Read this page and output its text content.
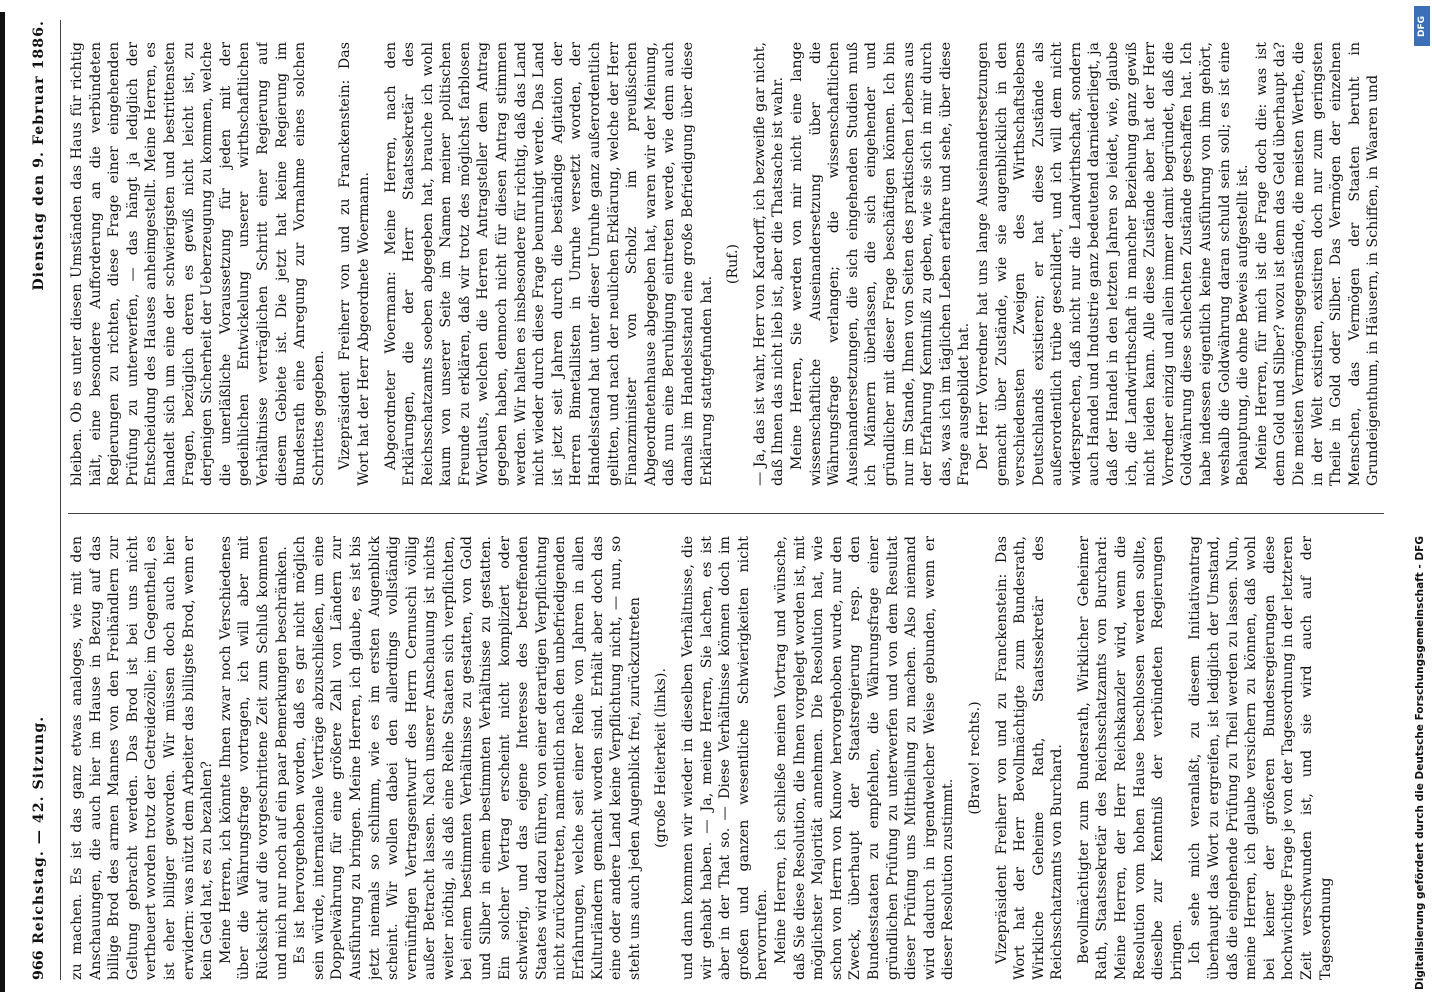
966
Reichstag. — 42. Sitzung.
Dienstag den 9. Februar 1886.

zu machen. Es ist das ganz etwas analoges, wie mit den Anschauungen, die auch hier im Hause in Bezug auf das billige Brod des armen Mannes von den Freihändlern zur Geltung gebracht werden. Das Brod ist bei uns nicht vertheuert worden trotz der Getreidezölle; im Gegentheil, es ist eher billiger geworden. Wir müssen doch auch hier erwidern: was nützt dem Arbeiter das billigste Brod, wenn er kein Geld hat, es zu bezahlen? Meine Herren, ich könnte Ihnen zwar noch Verschiedenes über die Währungsfrage vortragen, ich will aber mit Rücksicht auf die vorgeschrittene Zeit zum Schluß kommen und mich nur noch auf ein paar Bemerkungen beschränken. Es ist hervorgehoben worden, daß es gar nicht möglich sein würde, internationale Verträge abzuschließen, um eine Doppelwährung für eine größere Zahl von Ländern zur Ausführung zu bringen. Meine Herren, ich glaube, es ist bis jetzt niemals so schlimm, wie es im ersten Augenblick scheint. Wir wollen dabei den allerdings vollständig vernünftigen Vertragsentwurf des Herrn Cernuschi völlig außer Betracht lassen. Nach unserer Anschauung ist nichts weiter nöthig, als daß eine Reihe Staaten sich verpflichten, bei einem bestimmten Verhältnisse zu gestatten, von Gold und Silber in einem bestimmten Verhältnisse zu gestatten. Ein solcher Vertrag erscheint nicht kompliziert oder schwierig, und das eigene Interesse des betreffenden Staates wird dazu führen, von einer derartigen Verpflichtung nicht zurückzutreten, namentlich nach den unbefriedigenden Erfahrungen, welche seit einer Reihe von Jahren in allen Kulturländern gemacht worden sind. Erhält aber doch das eine oder andere Land keine Verpflichtung nicht, — nun, so steht uns auch jeden Augenblick frei, zurückzutreten (große Heiterkeit (links). und dann kommen wir wieder in dieselben Verhältnisse, die wir gehabt haben. — Ja, meine Herren, Sie lachen, es ist aber in der That so. — Diese Verhältnisse können doch im großen und ganzen wesentliche Schwierigkeiten nicht hervorrufen. Meine Herren, ich schließe meinen Vortrag und wünsche, daß Sie diese Resolution, die Ihnen vorgelegt worden ist, mit möglichster Majorität annehmen. Die Resolution hat, wie schon von Herrn von Kunow hervorgehoben wurde, nur den Zweck, überhaupt der Staatsregierung resp. den Bundesstaaten zu empfehlen, die Währungsfrage einer gründlichen Prüfung zu unterwerfen und von dem Resultat dieser Prüfung uns Mittheilung zu machen. Also niemand wird dadurch in irgendwelcher Weise gebunden, wenn er dieser Resolution zustimmt.

(Bravo! rechts.) Vizepräsident Freiherr von und zu Franckenstein: Das Wort hat der Herr Bevollmächtigte zum Bundesrath, Wirkliche Geheime Rath, Staatssekretär des Reichsschatzamts von Burchard. Bevollmächtigter zum Bundesrath, Wirklicher Geheimer Rath, Staatssekretär des Reichsschatzamts von Burchard: Meine Herren, der Herr Reichskanzler wird, wenn die Resolution vom hohen Hause beschlossen werden sollte, dieselbe zur Kenntniß der verbündeten Regierungen bringen. Ich sehe mich veranlaßt, zu diesem Initiativantrag überhaupt das Wort zu ergreifen, ist lediglich der Umstand, daß die eingehende Prüfung zu Theil werden zu lassen. Nun, meine Herren, ich glaube versichern zu können, daß wohl bei keiner der größeren Bundesregierungen diese hochwichtige Frage je von der Tagesordnung in der letzteren Zeit verschwunden ist, und sie wird auch auf der Tagesordnung

bleiben. Ob es unter diesen Umständen das Haus für richtig hält, eine besondere Aufforderung an die verbündeten Regierungen zu richten, diese Frage einer eingehenden Prüfung zu unterwerfen, — das hängt ja lediglich der Entscheidung des Hauses anheimgestellt. Meine Herren, es handelt sich um eine der schwierigsten und bestrittensten Fragen, bezüglich deren es gewiß nicht leicht ist, zu derjenigen Sicherheit der Ueberzeugung zu kommen, welche die unerläßliche Voraussetzung für jeden mit der gedeihlichen Entwickelung unserer wirthschaftlichen Verhältnisse verträglichen Schritt einer Regierung auf diesem Gebiete ist. Die jetzt hat keine Regierung im Bundesrath eine Anregung zur Vornahme eines solchen Schrittes gegeben. Vizepräsident Freiherr von und zu Franckenstein: Das Wort hat der Herr Abgeordnete Woermann. Abgeordneter Woermann: Meine Herren, nach den Erklärungen, die der Herr Staatssekretär des Reichsschatzamts soeben abgegeben hat, brauche ich wohl kaum von unserer Seite im Namen meiner politischen Freunde zu erklären, daß wir trotz des möglichst farblosen Wortlauts, welchen die Herren Antragsteller dem Antrag gegeben haben, dennoch nicht für diesen Antrag stimmen werden. Wir halten es insbesondere für richtig, daß das Land nicht wieder durch diese Frage beunruhigt werde. Das Land ist jetzt seit Jahren durch die beständige Agitation der Herren Bimetallisten in Unruhe versetzt worden, der Handelsstand hat unter dieser Unruhe ganz außerordentlich gelitten, und nach der neulichen Erklärung, welche der Herr Finanzminister von Scholz im preußischen Abgeordnetenhause abgegeben hat, waren wir der Meinung, daß nun eine Beruhigung eintreten werde, wie denn auch damals im Handelsstand eine große Befriedigung über diese Erklärung stattgefunden hat.

(Ruf.) — Ja, das ist wahr, Herr von Kardorff, ich bezweifle gar nicht, daß Ihnen das nicht lieb ist, aber die Thatsache ist wahr. Meine Herren, Sie werden von mir nicht eine lange wissenschaftliche Auseinandersetzung über die Währungsfrage verlangen; die wissenschaftlichen Auseinandersetzungen, die sich eingehenden Studien muß ich Männern überlassen, die sich eingehender und gründlicher mit dieser Frage beschäftigen können. Ich bin nur im Stande, Ihnen von Seiten des praktischen Lebens aus der Erfahrung Kenntniß zu geben, wie sie sich in mir durch das, was ich im täglichen Leben erfahre und sehe, über diese Frage ausgebildet hat. Der Herr Vorredner hat uns lange Auseinandersetzungen gemacht über Zustände, wie sie augenblicklich in den verschiedensten Zweigen des Wirthschaftslebens Deutschlands existieren; er hat diese Zustände als außerordentlich trübe geschildert, und ich will dem nicht widersprechen, daß nicht nur die Landwirthschaft, sondern auch Handel und Industrie ganz bedeutend darniederliegt, ja daß der Handel in den letzten Jahren so leidet, wie, glaube ich, die Landwirthschaft in mancher Beziehung ganz gewiß nicht leiden kann. Alle diese Zustände aber hat der Herr Vorredner einzig und allein immer damit begründet, daß die Goldwährung diese schlechten Zustände geschaffen hat. Ich habe indessen eigentlich keine Ausführung von ihm gehört, weshalb die Goldwährung daran schuld sein soll; es ist eine Behauptung, die ohne Beweis aufgestellt ist. Meine Herren, für mich ist die Frage doch die: was ist denn Gold und Silber? wozu ist denn das Geld überhaupt da? Die meisten Vermögensgegenstände, die meisten Werthe, die in der Welt existiren, existiren doch nur zum geringsten Theile in Gold oder Silber. Das Vermögen der einzelnen Menschen, das Vermögen der Staaten beruht in Grundeigenthum, in Häusern, in Schiffen, in Waaren und

Digitalisierung gefördert durch die Deutsche Forschungsgemeinschaft - DFG
DFG
